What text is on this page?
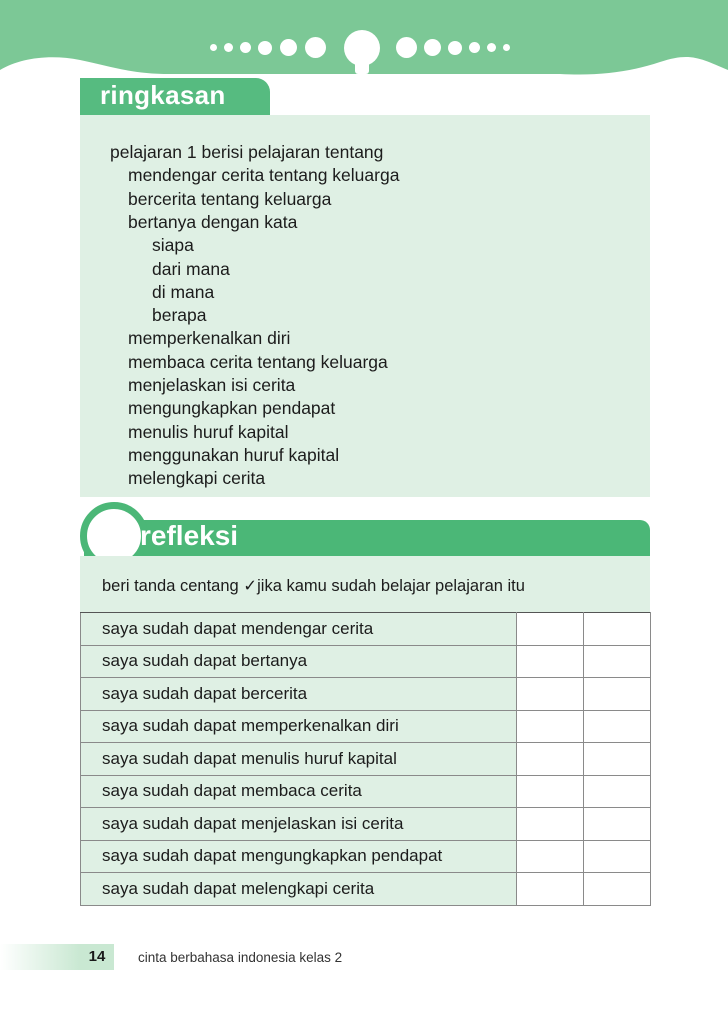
ringkasan
pelajaran 1 berisi pelajaran tentang
mendengar cerita tentang keluarga
bercerita tentang keluarga
bertanya dengan kata
siapa
dari mana
di mana
berapa
memperkenalkan diri
membaca cerita tentang keluarga
menjelaskan isi cerita
mengungkapkan pendapat
menulis huruf kapital
menggunakan huruf kapital
melengkapi cerita
refleksi
beri tanda centang ✓jika kamu sudah belajar pelajaran itu
saya sudah dapat mendengar cerita		
saya sudah dapat bertanya		
saya sudah dapat bercerita		
saya sudah dapat memperkenalkan diri		
saya sudah dapat menulis huruf kapital		
saya sudah dapat membaca cerita		
saya sudah dapat menjelaskan isi cerita		
saya sudah dapat mengungkapkan pendapat		
saya sudah dapat melengkapi cerita		
14	cinta berbahasa indonesia kelas 2
